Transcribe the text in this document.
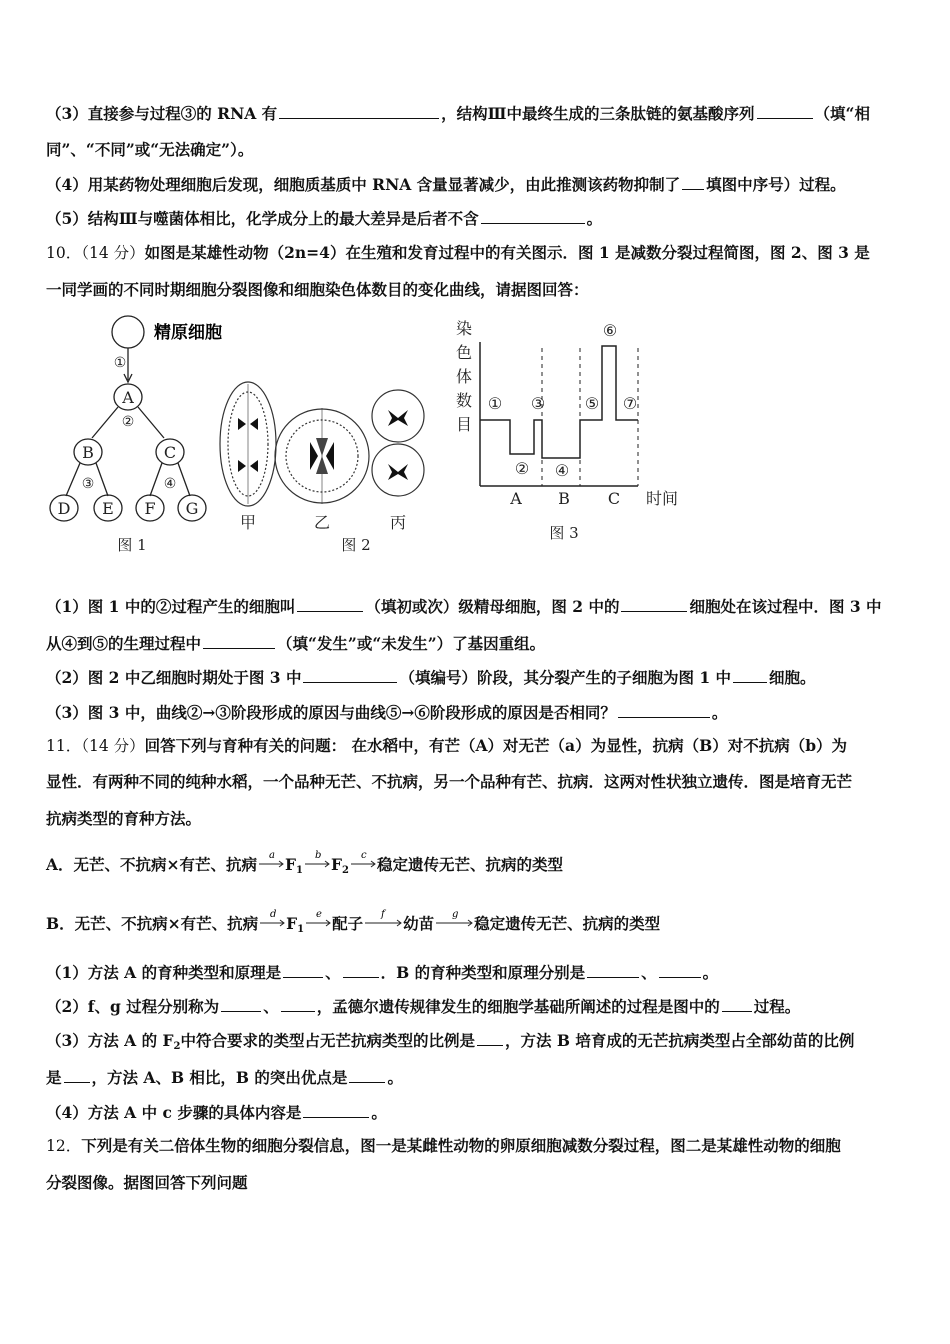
（3）直接参与过程③的 RNA 有	，结构Ⅲ中最终生成的三条肽链的氨基酸序列	（填“相
同”、“不同”或“无法确定”）。
（4）用某药物处理细胞后发现，细胞质基质中 RNA 含量显著减少，由此推测该药物抑制了 填图中序号）过程。
（5）结构Ⅲ与噬菌体相比，化学成分上的最大差异是后者不含	。
10．（14 分）如图是某雄性动物（2n=4）在生殖和发育过程中的有关图示．图 1 是减数分裂过程简图，图 2、图 3 是
一同学画的不同时期细胞分裂图像和细胞染色体数目的变化曲线，请据图回答：
精原细胞
①
②
③	④
A
B	C
D E F G
图 1
甲	乙	丙
图 2
染
色
体
数
目
①
②
③
④
⑤
⑥
⑦
A B C 时间
图 3
（1）图 1 中的②过程产生的细胞叫	（填初或次）级精母细胞，图 2 中的	细胞处在该过程中．图 3 中
从④到⑤的生理过程中	（填“发生”或“未发生”）了基因重组。
（2）图 2 中乙细胞时期处于图 3 中	（填编号）阶段，其分裂产生的子细胞为图 1 中 细胞。
（3）图 3 中，曲线②→③阶段形成的原因与曲线⑤→⑥阶段形成的原因是否相同？	。
11．（14 分）回答下列与育种有关的问题： 在水稻中，有芒（A）对无芒（a）为显性，抗病（B）对不抗病（b）为
显性．有两种不同的纯种水稻，一个品种无芒、不抗病，另一个品种有芒、抗病．这两对性状独立遗传．图是培育无芒
抗病类型的育种方法。
A．无芒、不抗病×有芒、抗病 a $F_1$
b $F_2$
c 稳定遗传无芒、抗病的类型
B．无芒、不抗病×有芒、抗病 d $F_1$
e 配子 f 幼苗 g 稳定遗传无芒、抗病的类型
（1）方法 A 的育种类型和原理是	、	．B 的育种类型和原理分别是	、	。
（2）f、g 过程分别称为	、 ，孟德尔遗传规律发生的细胞学基础所阐述的过程是图中的 过程。
（3）方法 A 的 $F_2$中符合要求的类型占无芒抗病类型的比例是 ，方法 B 培育成的无芒抗病类型占全部幼苗的比例
是 ，方法 A、B 相比，B 的突出优点是	。
（4）方法 A 中 c 步骤的具体内容是	。
12．下列是有关二倍体生物的细胞分裂信息，图一是某雌性动物的卵原细胞减数分裂过程，图二是某雄性动物的细胞
分裂图像。据图回答下列问题
